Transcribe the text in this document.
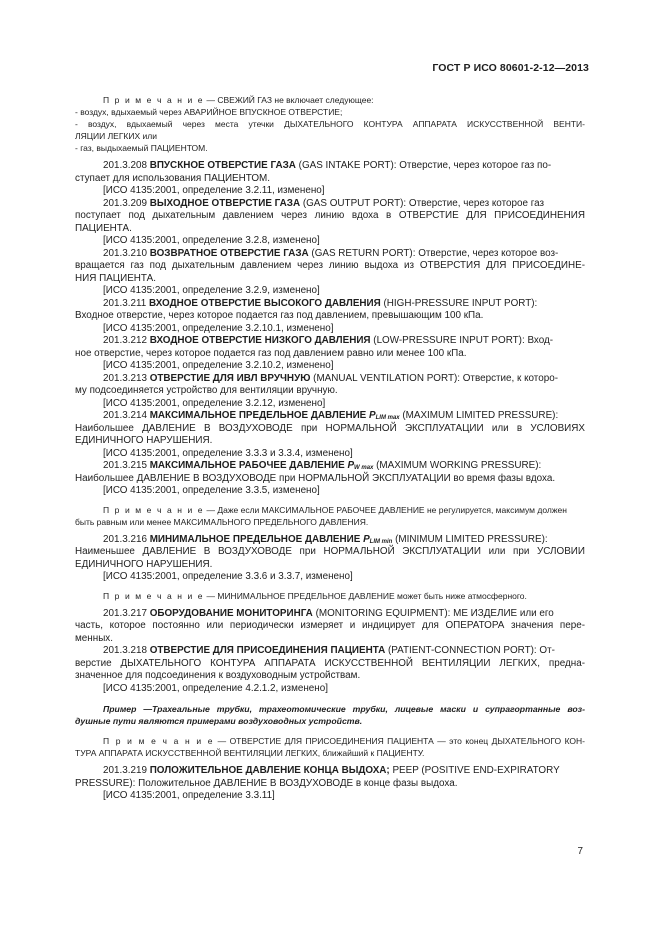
ГОСТ Р ИСО 80601-2-12—2013
П р и м е ч а н и е — СВЕЖИЙ ГАЗ не включает следующее:
- воздух, вдыхаемый через АВАРИЙНОЕ ВПУСКНОЕ ОТВЕРСТИЕ;
- воздух, вдыхаемый через места утечки ДЫХАТЕЛЬНОГО КОНТУРА АППАРАТА ИСКУССТВЕННОЙ ВЕНТИ-
ЛЯЦИИ ЛЕГКИХ или
- газ, выдыхаемый ПАЦИЕНТОМ.
201.3.208 ВПУСКНОЕ ОТВЕРСТИЕ ГАЗА (GAS INTAKE PORT): Отверстие, через которое газ по-
ступает для использования ПАЦИЕНТОМ.
[ИСО 4135:2001, определение 3.2.11, изменено]
201.3.209 ВЫХОДНОЕ ОТВЕРСТИЕ ГАЗА (GAS OUTPUT PORT): Отверстие, через которое газ
поступает под дыхательным давлением через линию вдоха в ОТВЕРСТИЕ ДЛЯ ПРИСОЕДИНЕНИЯ
ПАЦИЕНТА.
[ИСО 4135:2001, определение 3.2.8, изменено]
201.3.210 ВОЗВРАТНОЕ ОТВЕРСТИЕ ГАЗА (GAS RETURN PORT): Отверстие, через которое воз-
вращается газ под дыхательным давлением через линию выдоха из ОТВЕРСТИЯ ДЛЯ ПРИСОЕДИНЕ-
НИЯ ПАЦИЕНТА.
[ИСО 4135:2001, определение 3.2.9, изменено]
201.3.211 ВХОДНОЕ ОТВЕРСТИЕ ВЫСОКОГО ДАВЛЕНИЯ (HIGH-PRESSURE INPUT PORT):
Входное отверстие, через которое подается газ под давлением, превышающим 100 кПа.
[ИСО 4135:2001, определение 3.2.10.1, изменено]
201.3.212 ВХОДНОЕ ОТВЕРСТИЕ НИЗКОГО ДАВЛЕНИЯ (LOW-PRESSURE INPUT PORT): Вход-
ное отверстие, через которое подается газ под давлением равно или менее 100 кПа.
[ИСО 4135:2001, определение 3.2.10.2, изменено]
201.3.213 ОТВЕРСТИЕ ДЛЯ ИВЛ ВРУЧНУЮ (MANUAL VENTILATION PORT): Отверстие, к которо-
му подсоединяется устройство для вентиляции вручную.
[ИСО 4135:2001, определение 3.2.12, изменено]
201.3.214 МАКСИМАЛЬНОЕ ПРЕДЕЛЬНОЕ ДАВЛЕНИЕ $P_{LIM max}$ (MAXIMUM LIMITED PRESSURE):
Наибольшее ДАВЛЕНИЕ В ВОЗДУХОВОДЕ при НОРМАЛЬНОЙ ЭКСПЛУАТАЦИИ или в УСЛОВИЯХ
ЕДИНИЧНОГО НАРУШЕНИЯ.
[ИСО 4135:2001, определение 3.3.3 и 3.3.4, изменено]
201.3.215 МАКСИМАЛЬНОЕ РАБОЧЕЕ ДАВЛЕНИЕ $P_{W max}$ (MAXIMUM WORKING PRESSURE):
Наибольшее ДАВЛЕНИЕ В ВОЗДУХОВОДЕ при НОРМАЛЬНОЙ ЭКСПЛУАТАЦИИ во время фазы вдоха.
[ИСО 4135:2001, определение 3.3.5, изменено]
П р и м е ч а н и е — Даже если МАКСИМАЛЬНОЕ РАБОЧЕЕ ДАВЛЕНИЕ не регулируется, максимум должен
быть равным или менее МАКСИМАЛЬНОГО ПРЕДЕЛЬНОГО ДАВЛЕНИЯ.
201.3.216 МИНИМАЛЬНОЕ ПРЕДЕЛЬНОЕ ДАВЛЕНИЕ $P_{LIM min}$ (MINIMUM LIMITED PRESSURE):
Наименьшее ДАВЛЕНИЕ В ВОЗДУХОВОДЕ при НОРМАЛЬНОЙ ЭКСПЛУАТАЦИИ или при УСЛОВИИ
ЕДИНИЧНОГО НАРУШЕНИЯ.
[ИСО 4135:2001, определение 3.3.6 и 3.3.7, изменено]
П р и м е ч а н и е — МИНИМАЛЬНОЕ ПРЕДЕЛЬНОЕ ДАВЛЕНИЕ может быть ниже атмосферного.
201.3.217 ОБОРУДОВАНИЕ МОНИТОРИНГА (MONITORING EQUIPMENT): МЕ ИЗДЕЛИЕ или его
часть, которое постоянно или периодически измеряет и индицирует для ОПЕРАТОРА значения пере-
менных.
201.3.218 ОТВЕРСТИЕ ДЛЯ ПРИСОЕДИНЕНИЯ ПАЦИЕНТА (PATIENT-CONNECTION PORT): От-
верстие ДЫХАТЕЛЬНОГО КОНТУРА АППАРАТА ИСКУССТВЕННОЙ ВЕНТИЛЯЦИИ ЛЕГКИХ, предна-
значенное для подсоединения к воздуховодным устройствам.
[ИСО 4135:2001, определение 4.2.1.2, изменено]
Пример —Трахеальные трубки, трахеотомические трубки, лицевые маски и супрагортанные воз-
душные пути являются примерами воздуховодных устройств.
П р и м е ч а н и е — ОТВЕРСТИЕ ДЛЯ ПРИСОЕДИНЕНИЯ ПАЦИЕНТА — это конец ДЫХАТЕЛЬНОГО КОН-
ТУРА АППАРАТА ИСКУССТВЕННОЙ ВЕНТИЛЯЦИИ ЛЕГКИХ, ближайший к ПАЦИЕНТУ.
201.3.219 ПОЛОЖИТЕЛЬНОЕ ДАВЛЕНИЕ КОНЦА ВЫДОХА; PEEP (POSITIVE END-EXPIRATORY
PRESSURE): Положительное ДАВЛЕНИЕ В ВОЗДУХОВОДЕ в конце фазы выдоха.
[ИСО 4135:2001, определение 3.3.11]
7
